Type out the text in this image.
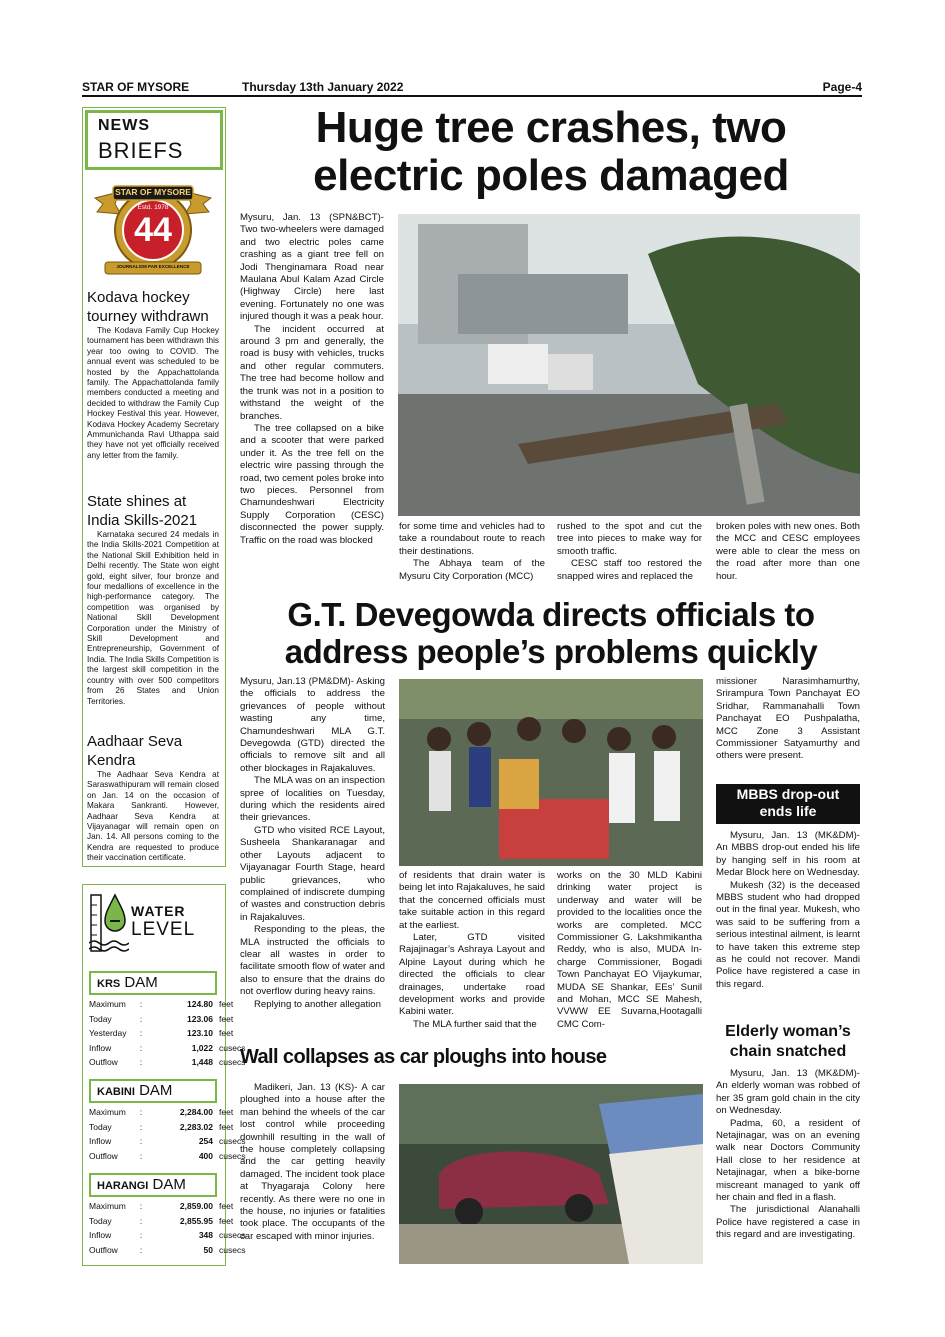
STAR OF MYSORE	Thursday 13th January 2022	Page-4
NEWS
BRIEFS
STAR OF MYSORE
Estd. 1978
44
JOURNALISM PAR EXCELLENCE
Kodava hockey tourney withdrawn

The Kodava Family Cup Hockey tournament has been withdrawn this year too owing to COVID. The annual event was scheduled to be hosted by the Appachattolanda family. The Appachattolanda family members conducted a meeting and decided to withdraw the Family Cup Hockey Festival this year. However, Kodava Hockey Academy Secretary Ammunichanda Ravi Uthappa said they have not yet officially received any letter from the family.

State shines at India Skills-2021

Karnataka secured 24 medals in the India Skills-2021 Competition at the National Skill Exhibition held in Delhi recently. The State won eight gold, eight silver, four bronze and four medallions of excellence in the high-performance category. The competition was organised by National Skill Development Corporation under the Ministry of Skill Development and Entrepreneurship, Government of India. The India Skills Competition is the largest skill competition in the country with over 500 competitors from 26 States and Union Territories.

Aadhaar Seva Kendra

The Aadhaar Seva Kendra at Saraswathipuram will remain closed on Jan. 14 on the occasion of Makara Sankranti. However, Aadhaar Seva Kendra at Vijayanagar will remain open on Jan. 14. All persons coming to the Kendra are requested to produce their vaccination certificate.

WATER
LEVEL
KRS DAM
Maximum	:	124.80 feet
Today	:	123.06 feet
Yesterday	:	123.10 feet
Inflow	:	1,022 cusecs
Outflow	:	1,448 cusecs
KABINI DAM
Maximum	:	2,284.00 feet
Today	:	2,283.02 feet
Inflow	:	254 cusecs
Outflow	:	400 cusecs
HARANGI DAM
Maximum	:	2,859.00 feet
Today	:	2,855.95 feet
Inflow	:	348 cusecs
Outflow	:	50 cusecs
Huge tree crashes, two
electric poles damaged

Mysuru, Jan. 13 (SPN&BCT)- Two two-wheelers were damaged and two electric poles came crashing as a giant tree fell on Jodi Thenginamara Road near Maulana Abul Kalam Azad Circle (Highway Circle) here last evening. Fortunately no one was injured though it was a peak hour.

The incident occurred at around 3 pm and generally, the road is busy with vehicles, trucks and other regular commuters. The tree had become hollow and the trunk was not in a position to withstand the weight of the branches.

The tree collapsed on a bike and a scooter that were parked under it. As the tree fell on the electric wire passing through the road, two cement poles broke into two pieces. Personnel from Chamundeshwari Electricity Supply Corporation (CESC) disconnected the power supply. Traffic on the road was blocked

for some time and vehicles had to take a roundabout route to reach their destinations.

The Abhaya team of the Mysuru City Corporation (MCC)

rushed to the spot and cut the tree into pieces to make way for smooth traffic.

CESC staff too restored the snapped wires and replaced the

broken poles with new ones. Both the MCC and CESC employees were able to clear the mess on the road after more than one hour.

G.T. Devegowda directs officials to
address people’s problems quickly

Mysuru, Jan.13 (PM&DM)- Asking the officials to address the grievances of people without wasting any time, Chamundeshwari MLA G.T. Devegowda (GTD) directed the officials to remove silt and all other blockages in Rajakaluves.

The MLA was on an inspection spree of localities on Tuesday, during which the residents aired their grievances.

GTD who visited RCE Layout, Susheela Shankaranagar and other Layouts adjacent to Vijayanagar Fourth Stage, heard public grievances, who complained of indiscrete dumping of wastes and construction debris in Rajakaluves.

Responding to the pleas, the MLA instructed the officials to clear all wastes in order to facilitate smooth flow of water and also to ensure that the drains do not overflow during heavy rains.

Replying to another allegation

of residents that drain water is being let into Rajakaluves, he said that the concerned officials must take suitable action in this regard at the earliest.

Later, GTD visited Rajajinagar’s Ashraya Layout and Alpine Layout during which he directed the officials to clear drainages, undertake road development works and provide Kabini water.

The MLA further said that the

works on the 30 MLD Kabini drinking water project is underway and water will be provided to the localities once the works are completed. MCC Commissioner G. Lakshmikantha Reddy, who is also, MUDA In-charge Commissioner, Bogadi Town Panchayat EO Vijaykumar, MUDA SE Shankar, EEs’ Sunil and Mohan, MCC SE Mahesh, VVWW EE Suvarna,Hootagalli CMC Com-

missioner Narasimhamurthy, Srirampura Town Panchayat EO Sridhar, Rammanahalli Town Panchayat EO Pushpalatha, MCC Zone 3 Assistant Commissioner Satyamurthy and others were present.

MBBS drop-out
ends life

Mysuru, Jan. 13 (MK&DM)- An MBBS drop-out ended his life by hanging self in his room at Medar Block here on Wednesday.

Mukesh (32) is the deceased MBBS student who had dropped out in the final year. Mukesh, who was said to be suffering from a serious intestinal ailment, is learnt to have taken this extreme step as he could not recover. Mandi Police have registered a case in this regard.

Wall collapses as car ploughs into house

Madikeri, Jan. 13 (KS)- A car ploughed into a house after the man behind the wheels of the car lost control while proceeding downhill resulting in the wall of the house completely collapsing and the car getting heavily damaged. The incident took place at Thyagaraja Colony here recently. As there were no one in the house, no injuries or fatalities took place. The occupants of the car escaped with minor injuries.

Elderly woman’s
chain snatched

Mysuru, Jan. 13 (MK&DM)- An elderly woman was robbed of her 35 gram gold chain in the city on Wednesday.

Padma, 60, a resident of Netajinagar, was on an evening walk near Doctors Community Hall close to her residence at Netajinagar, when a bike-borne miscreant managed to yank off her chain and fled in a flash.

The jurisdictional Alanahalli Police have registered a case in this regard and are investigating.
